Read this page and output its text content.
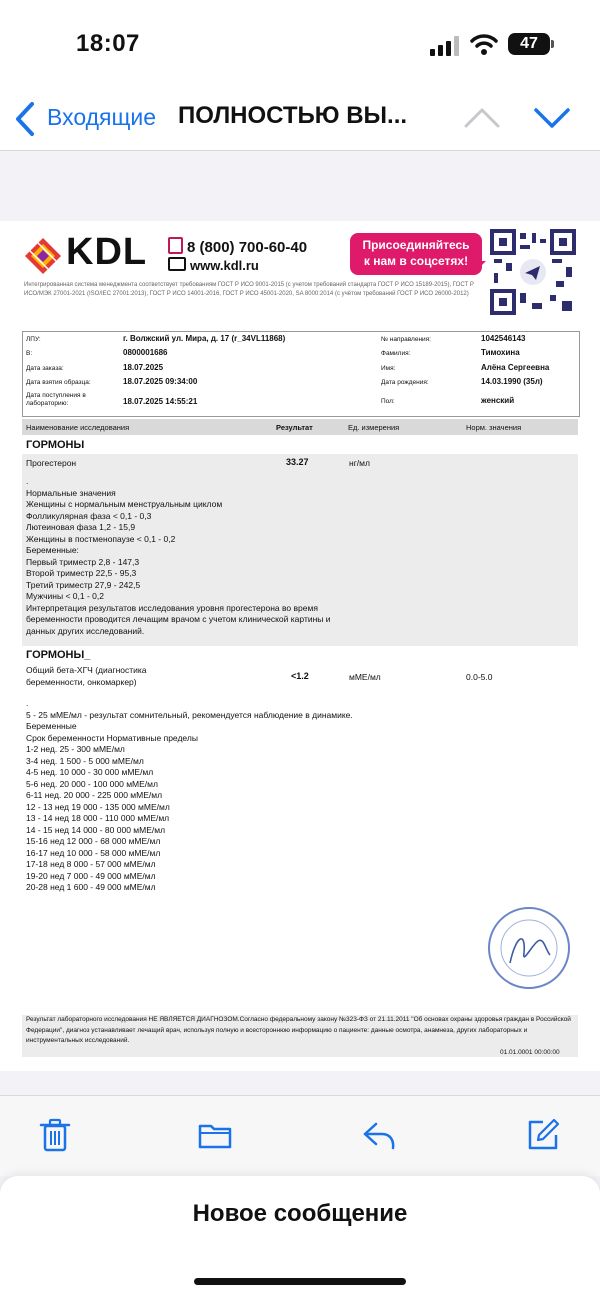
18:07	47
Входящие ПОЛНОСТЬЮ ВЫ...
KDL	8 (800) 700-60-40
www.kdl.ru
Присоединяйтесь
к нам в соцсетях!
Интегрированная система менеджмента соответствует требованиям ГОСТ Р ИСО 9001-2015 (с учетом требований стандарта ГОСТ Р ИСО 15189-2015), ГОСТ Р ИСО/МЭК 27001-2021 (ISO/IEC 27001:2013), ГОСТ Р ИСО 14001-2016, ГОСТ Р ИСО 45001-2020, SA 8000:2014 (с учётом требований ГОСТ Р ИСО 26000-2012)
ЛПУ:	г. Волжский ул. Мира, д. 17 (r_34VL11868)
В:	0800001686
Дата заказа:	18.07.2025
Дата взятия образца:	18.07.2025 09:34:00
Дата поступления в лабораторию:	18.07.2025 14:55:21
№ направления:	1042546143
Фамилия:	Тимохина
Имя:	Алёна Сергеевна
Дата рождения:	14.03.1990 (35л)
Пол:	женский
Наименование исследования	Результат	Ед. измерения	Норм. значения
ГОРМОНЫ
Прогестерон	33.27	нг/мл
.
Нормальные значения
Женщины с нормальным менструальным циклом
Фолликулярная фаза < 0,1 - 0,3
Лютеиновая фаза 1,2 - 15,9
Женщины в постменопаузе < 0,1 - 0,2
Беременные:
Первый триместр 2,8 - 147,3
Второй триместр 22,5 - 95,3
Третий триместр 27,9 - 242,5
Мужчины < 0,1 - 0,2
Интерпретация результатов исследования уровня прогестерона во время
беременности проводится лечащим врачом с учетом клинической картины и
данных других исследований.
ГОРМОНЫ_
Общий бета-ХГЧ (диагностика
беременности, онкомаркер)
<1.2	мМЕ/мл	0.0-5.0
.
5 - 25 мМЕ/мл - результат сомнительный, рекомендуется наблюдение в динамике.
Беременные
Срок беременности Нормативные пределы
1-2 нед. 25 - 300 мМЕ/мл
3-4 нед. 1 500 - 5 000 мМЕ/мл
4-5 нед. 10 000 - 30 000 мМЕ/мл
5-6 нед. 20 000 - 100 000 мМЕ/мл
6-11 нед. 20 000 - 225 000 мМЕ/мл
12 - 13 нед 19 000 - 135 000 мМЕ/мл
13 - 14 нед 18 000 - 110 000 мМЕ/мл
14 - 15 нед 14 000 - 80 000 мМЕ/мл
15-16 нед 12 000 - 68 000 мМЕ/мл
16-17 нед 10 000 - 58 000 мМЕ/мл
17-18 нед 8 000 - 57 000 мМЕ/мл
19-20 нед 7 000 - 49 000 мМЕ/мл
20-28 нед 1 600 - 49 000 мМЕ/мл
Результат лабораторного исследования НЕ ЯВЛЯЕТСЯ ДИАГНОЗОМ.Согласно федеральному закону №323-ФЗ от 21.11.2011 "Об основах охраны здоровья граждан в Российской Федерации", диагноз устанавливает лечащий врач, используя полную и всестороннюю информацию о пациенте: данные осмотра, анамнеза, других лабораторных и инструментальных исследований.
01.01.0001 00:00:00
Новое сообщение
